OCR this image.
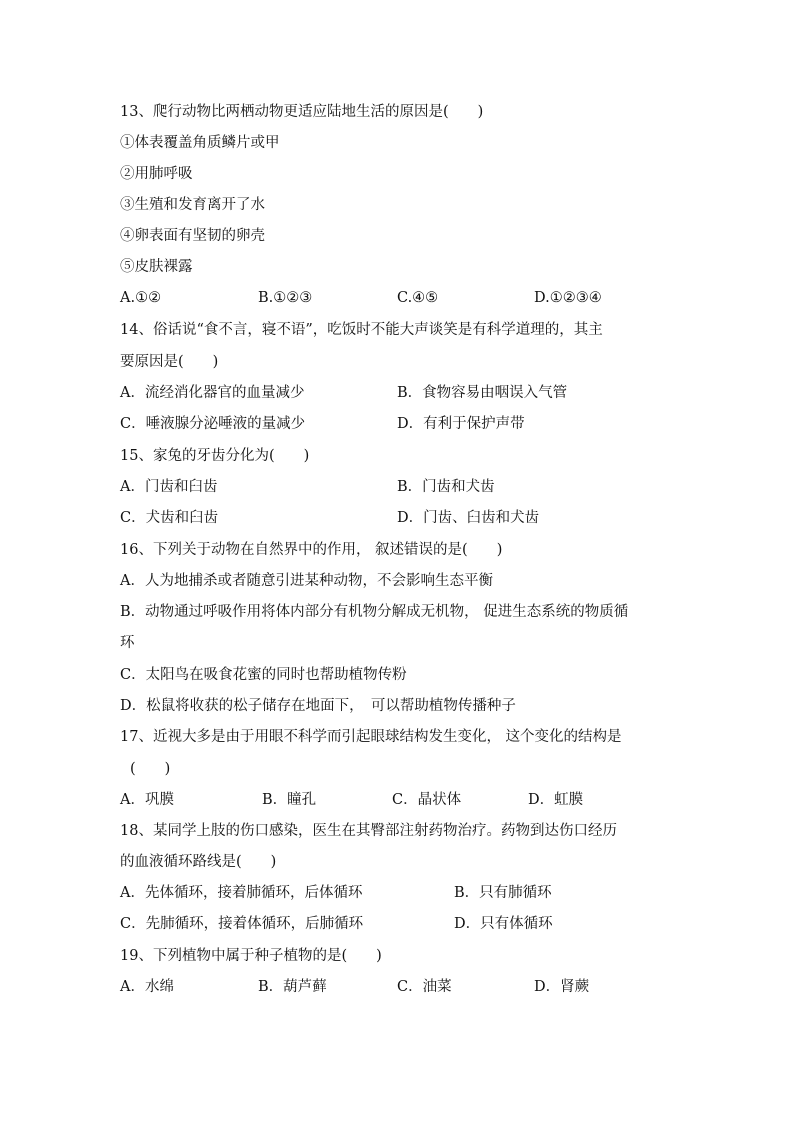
13、爬行动物比两栖动物更适应陆地生活的原因是(　　)
①体表覆盖角质鳞片或甲
②用肺呼吸
③生殖和发育离开了水
④卵表面有坚韧的卵壳
⑤皮肤裸露
A.①②	B.①②③	C.④⑤	D.①②③④
14、俗话说“食不言，寝不语”，吃饭时不能大声谈笑是有科学道理的，其主
要原因是(　　)
A．流经消化器官的血量减少	B．食物容易由咽误入气管
C．唾液腺分泌唾液的量减少	D．有利于保护声带
15、家兔的牙齿分化为(　　)
A．门齿和臼齿	B．门齿和犬齿
C．犬齿和臼齿	D．门齿、臼齿和犬齿
16、下列关于动物在自然界中的作用， 叙述错误的是(　　)
A．人为地捕杀或者随意引进某种动物，不会影响生态平衡
B．动物通过呼吸作用将体内部分有机物分解成无机物， 促进生态系统的物质循
环
C．太阳鸟在吸食花蜜的同时也帮助植物传粉
D．松鼠将收获的松子储存在地面下，　可以帮助植物传播种子
17、近视大多是由于用眼不科学而引起眼球结构发生变化， 这个变化的结构是
(　　)
A．巩膜	B．瞳孔	C．晶状体	D．虹膜
18、某同学上肢的伤口感染，医生在其臀部注射药物治疗。药物到达伤口经历
的血液循环路线是(　　)
A．先体循环，接着肺循环，后体循环	B．只有肺循环
C．先肺循环，接着体循环，后肺循环	D．只有体循环
19、下列植物中属于种子植物的是(　　)
A．水绵	B．葫芦藓	C．油菜	D．肾蕨
